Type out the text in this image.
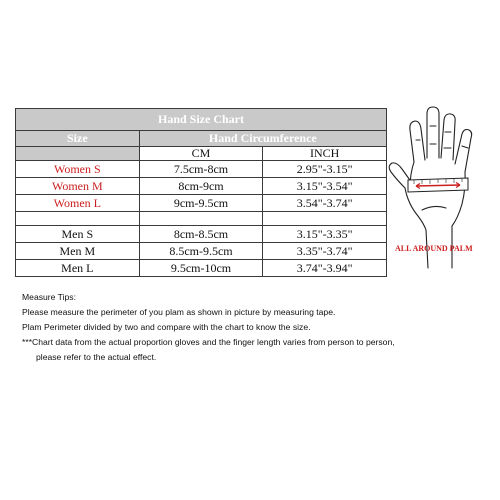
Hand Size Chart		
Size	Hand Circumference	
	CM	INCH
Women S	7.5cm-8cm	2.95"-3.15"
Women M	8cm-9cm	3.15"-3.54"
Women L	9cm-9.5cm	3.54"-3.74"

Men S	8cm-8.5cm	3.15"-3.35"
Men M	8.5cm-9.5cm	3.35"-3.74"
Men L	9.5cm-10cm	3.74"-3.94"
ALL AROUND PALM
Measure Tips:
Please measure the perimeter of you plam as shown in picture by measuring tape.
Plam Perimeter divided by two and compare with the chart to know the size.
***Chart data from the actual proportion gloves and the finger length varies from person to person,
please refer to the actual effect.
